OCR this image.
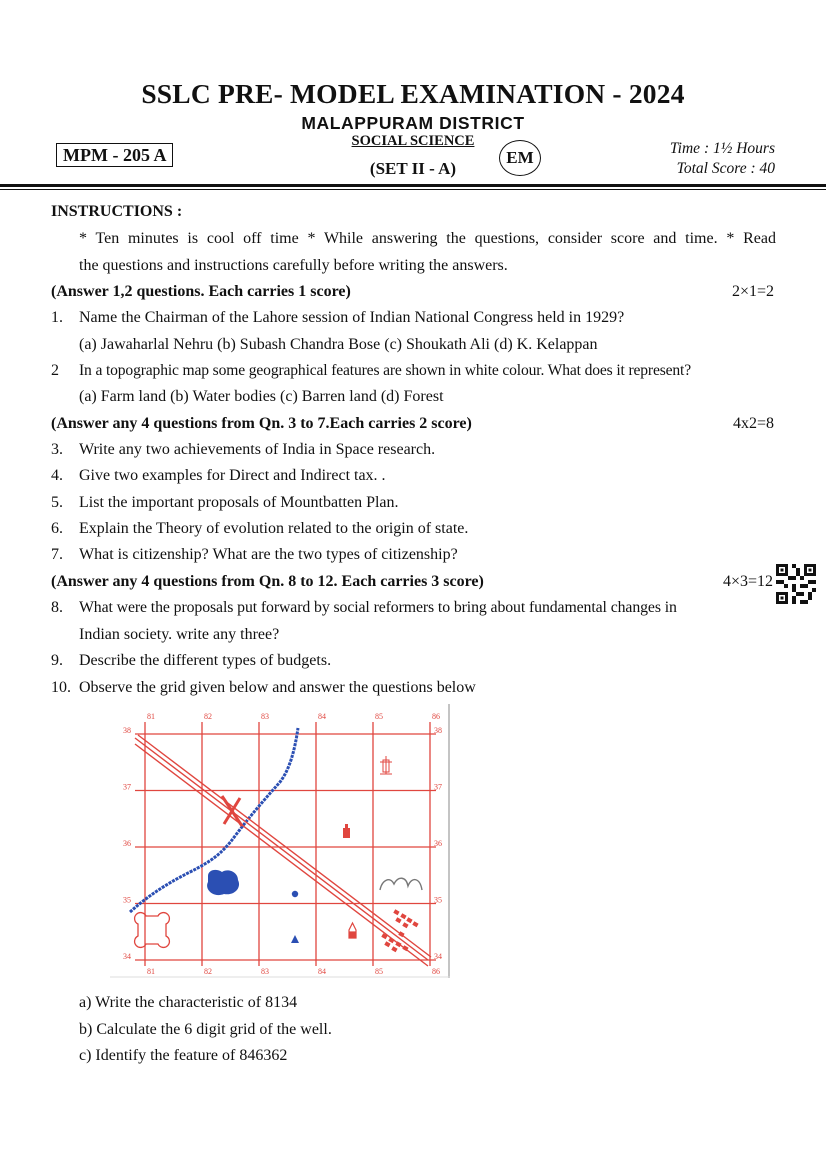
SSLC PRE- MODEL EXAMINATION - 2024
MALAPPURAM DISTRICT
MPM - 205 A
SOCIAL SCIENCE
(SET II - A)
EM	Time : 1½ Hours
Total Score : 40
INSTRUCTIONS :
* Ten minutes is cool off time * While answering the questions, consider score and time. * Read
the questions and instructions carefully before writing the answers.
(Answer 1,2 questions. Each carries 1 score)	2×1=2
1. Name the Chairman of the Lahore session of Indian National Congress held in 1929?
(a) Jawaharlal Nehru (b) Subash Chandra Bose (c) Shoukath Ali (d) K. Kelappan
2 In a topographic map some geographical features are shown in white colour. What does it represent?
(a) Farm land (b) Water bodies (c) Barren land (d) Forest
(Answer any 4 questions from Qn. 3 to 7.Each carries 2 score)	4x2=8
3. Write any two achievements of India in Space research.
4. Give two examples for Direct and Indirect tax. .
5. List the important proposals of Mountbatten Plan.
6. Explain the Theory of evolution related to the origin of state.
7. What is citizenship? What are the two types of citizenship?
(Answer any 4 questions from Qn. 8 to 12. Each carries 3 score)	4×3=12
8. What were the proposals put forward by social reformers to bring about fundamental changes in
Indian society. write any three?
9. Describe the different types of budgets.
10. Observe the grid given below and answer the questions below
81
81
82
82
83
83
84
84
85
85
86
86
38	38
37	37
36	36
35	35
34	34
a) Write the characteristic of 8134
b) Calculate the 6 digit grid of the well.
c) Identify the feature of 846362
